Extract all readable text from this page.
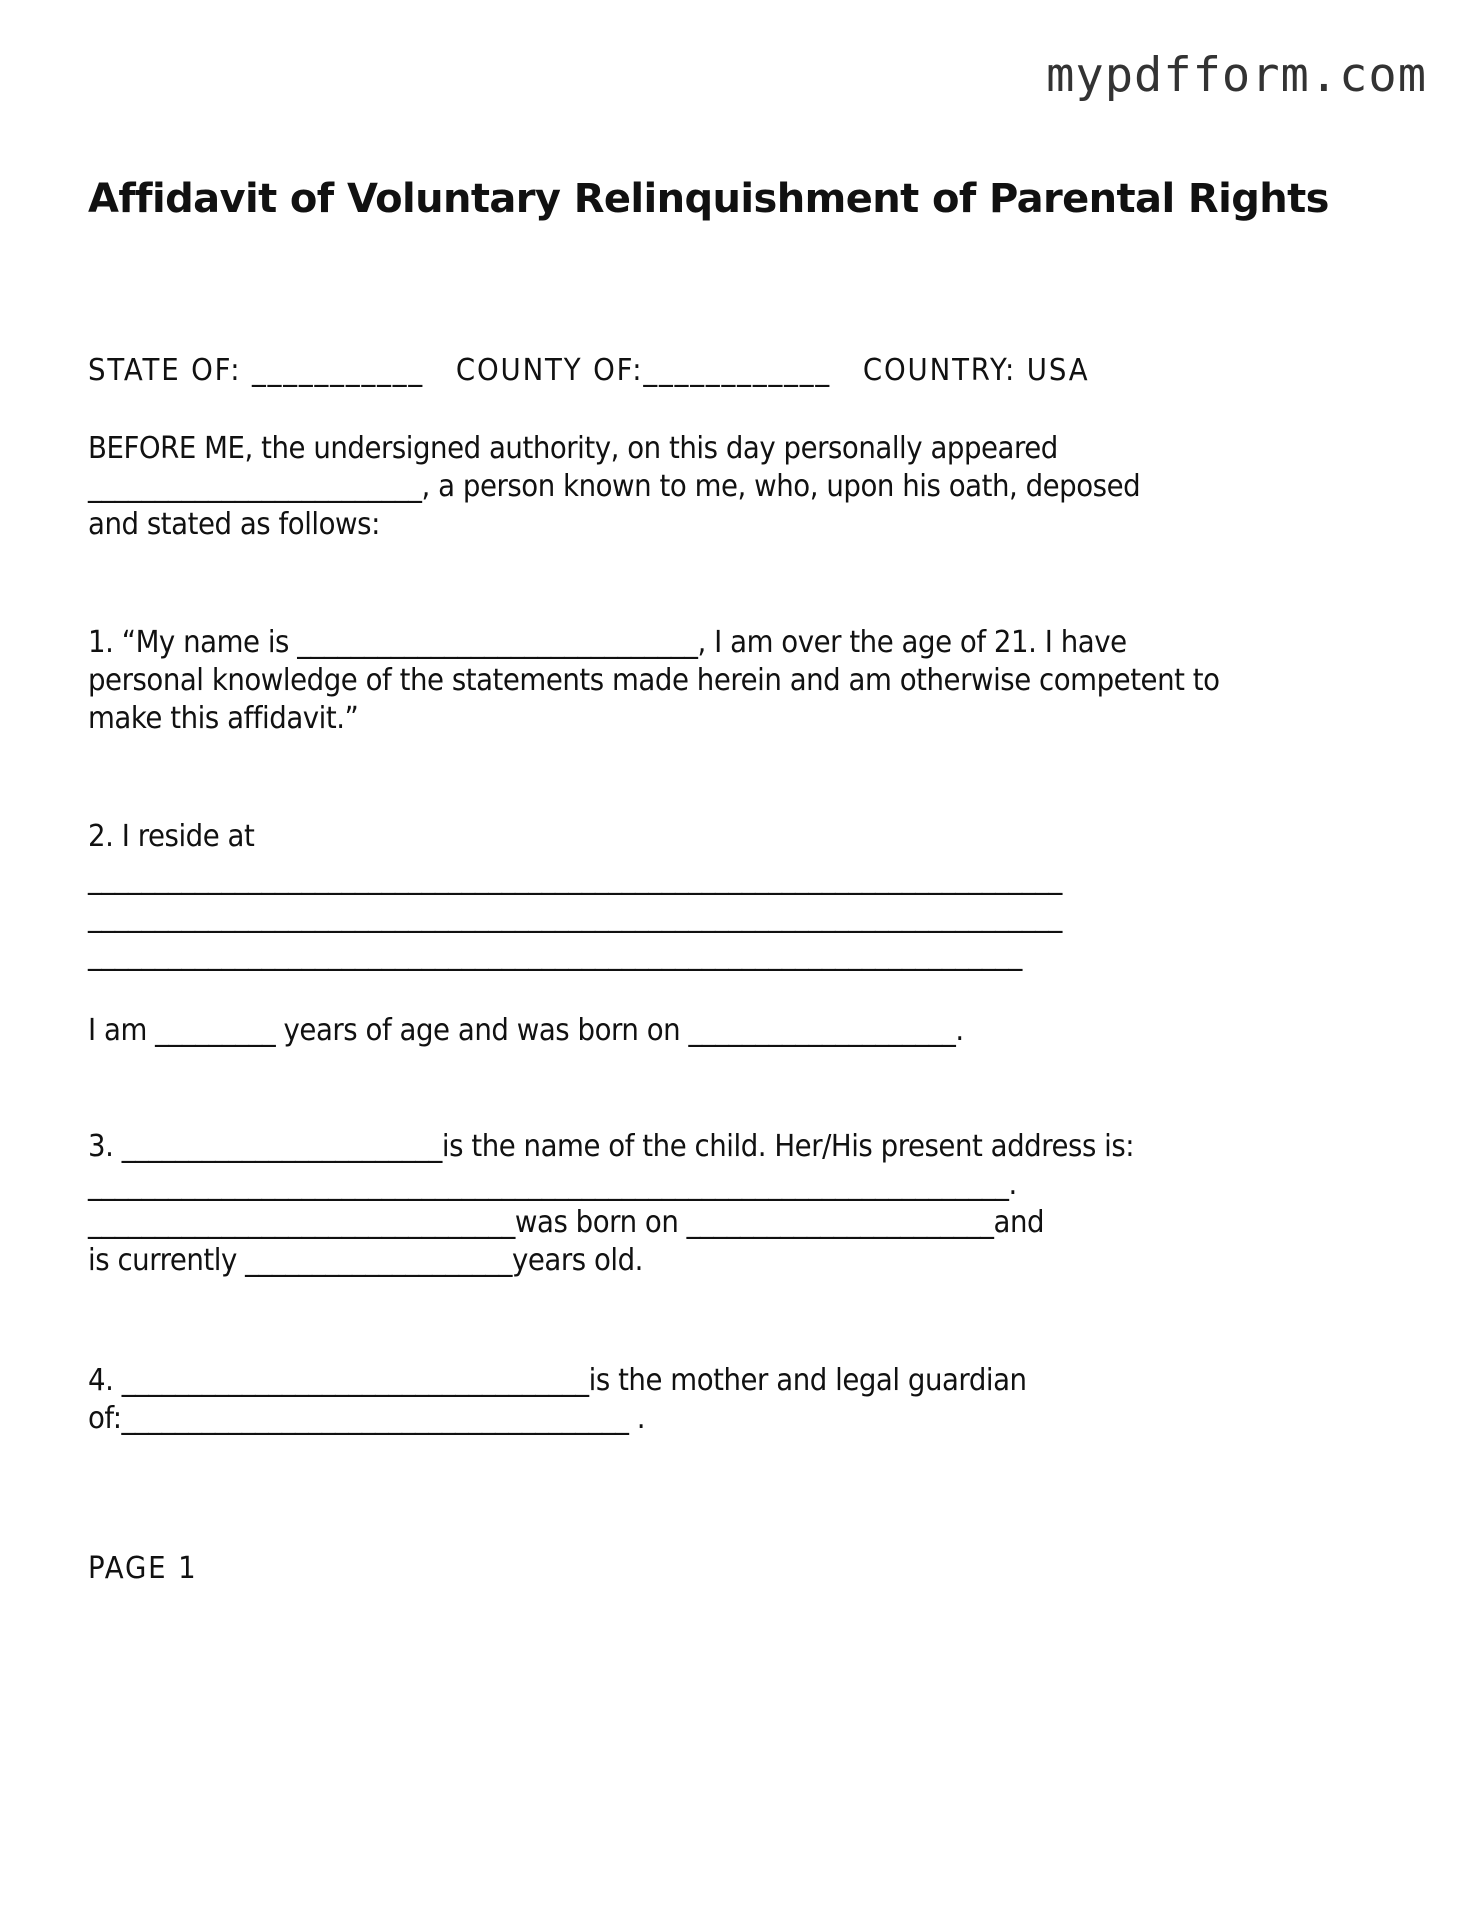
mypdfform.com
Affidavit of Voluntary Relinquishment of Parental Rights
STATE OF: ___________   COUNTY OF:____________   COUNTRY: USA
BEFORE ME, the undersigned authority, on this day personally appeared
_________________________, a person known to me, who, upon his oath, deposed
and stated as follows:
1. “My name is ______________________________, I am over the age of 21. I have
personal knowledge of the statements made herein and am otherwise competent to
make this affidavit.”
2. I reside at
_________________________________________________________________________
_________________________________________________________________________
______________________________________________________________________
I am _________ years of age and was born on ____________________.
3. ________________________is the name of the child. Her/His present address is:
_____________________________________________________________________.
________________________________was born on _______________________and
is currently ____________________years old.
4. ___________________________________is the mother and legal guardian
of:______________________________________ .
PAGE 1
